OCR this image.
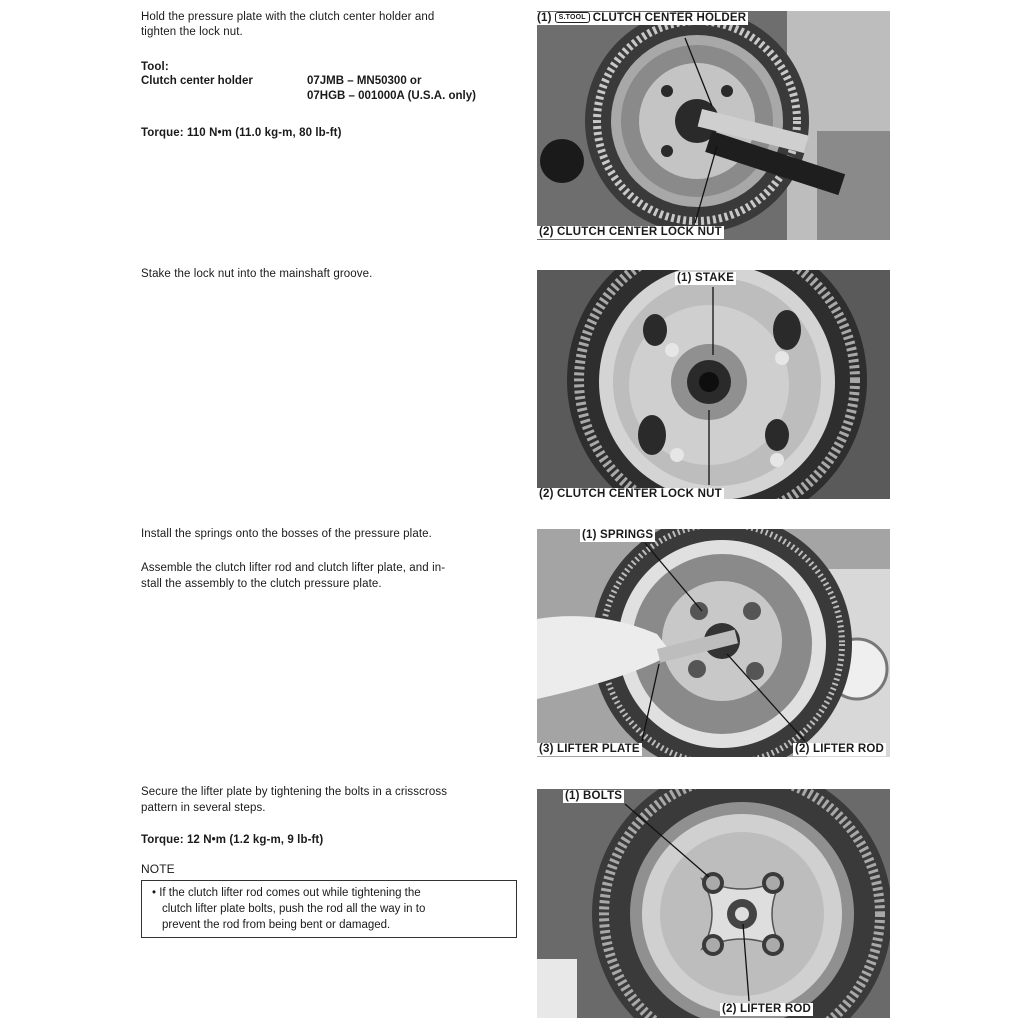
Hold the pressure plate with the clutch center holder and
tighten the lock nut.
Tool:
Clutch center holder	07JMB – MN50300 or
07HGB – 001000A (U.S.A. only)
Torque: 110 N•m (11.0 kg-m, 80 lb-ft)
(1) S.TOOL CLUTCH CENTER HOLDER
(2) CLUTCH CENTER LOCK NUT
Stake the lock nut into the mainshaft groove.	(1) STAKE
(2) CLUTCH CENTER LOCK NUT
Install the springs onto the bosses of the pressure plate.
Assemble the clutch lifter rod and clutch lifter plate, and in-
stall the assembly to the clutch pressure plate.
(1) SPRINGS
(3) LIFTER PLATE	(2) LIFTER ROD
Secure the lifter plate by tightening the bolts in a crisscross
pattern in several steps.
Torque: 12 N•m (1.2 kg-m, 9 lb-ft)
NOTE
• If the clutch lifter rod comes out while tightening the
clutch lifter plate bolts, push the rod all the way in to
prevent the rod from being bent or damaged.
(1) BOLTS
(2) LIFTER ROD
